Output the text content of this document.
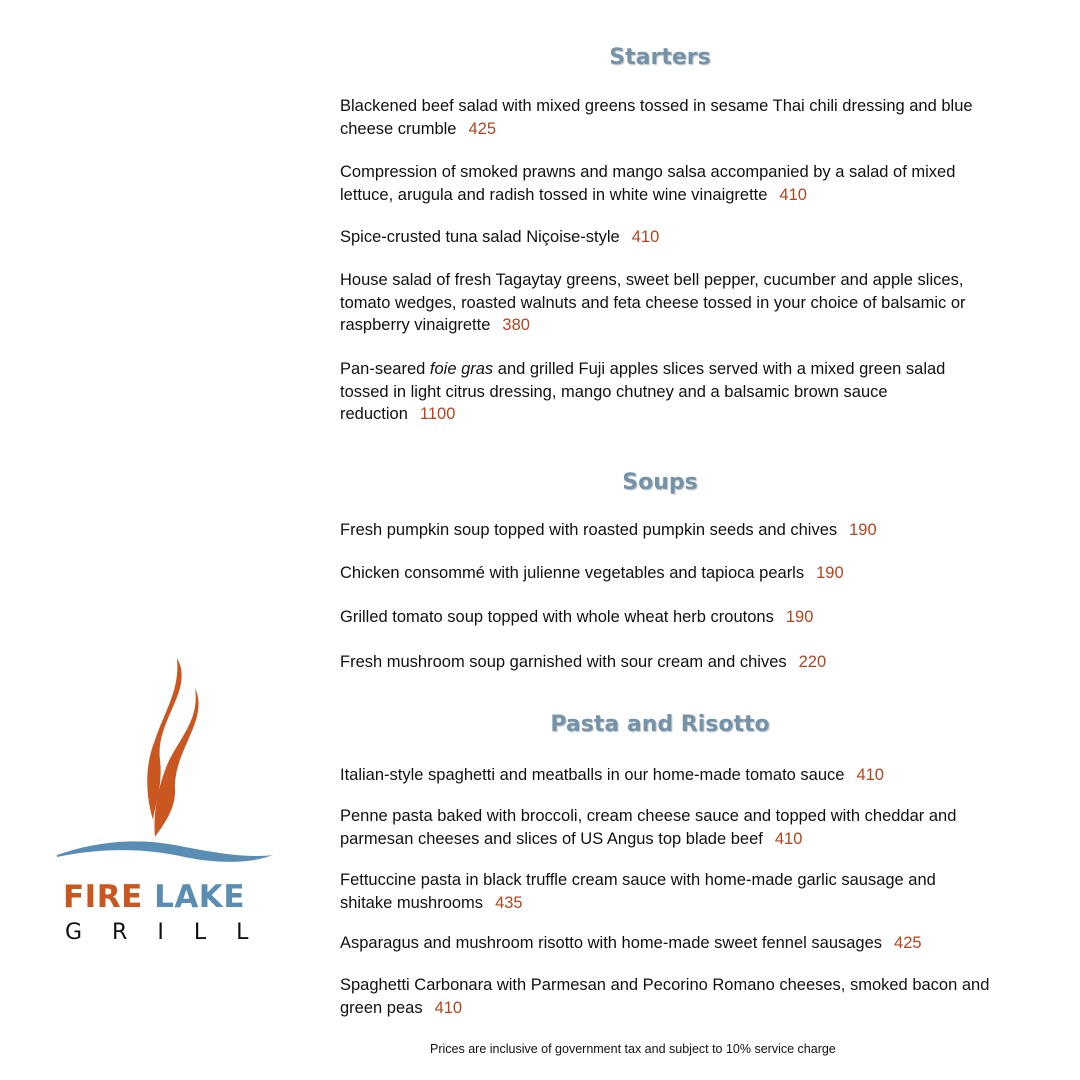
Starters

Blackened beef salad with mixed greens tossed in sesame Thai chili dressing and blue cheese crumble 425

Compression of smoked prawns and mango salsa accompanied by a salad of mixed lettuce, arugula and radish tossed in white wine vinaigrette 410

Spice-crusted tuna salad Niçoise-style 410

House salad of fresh Tagaytay greens, sweet bell pepper, cucumber and apple slices, tomato wedges, roasted walnuts and feta cheese tossed in your choice of balsamic or raspberry vinaigrette 380

Pan-seared foie gras and grilled Fuji apples slices served with a mixed green salad tossed in light citrus dressing, mango chutney and a balsamic brown sauce reduction 1100

Soups

Fresh pumpkin soup topped with roasted pumpkin seeds and chives 190

Chicken consommé with julienne vegetables and tapioca pearls 190

Grilled tomato soup topped with whole wheat herb croutons 190

Fresh mushroom soup garnished with sour cream and chives 220

Pasta and Risotto

Italian-style spaghetti and meatballs in our home-made tomato sauce 410

Penne pasta baked with broccoli, cream cheese sauce and topped with cheddar and parmesan cheeses and slices of US Angus top blade beef 410

Fettuccine pasta in black truffle cream sauce with home-made garlic sausage and shitake mushrooms 435

Asparagus and mushroom risotto with home-made sweet fennel sausages 425

Spaghetti Carbonara with Parmesan and Pecorino Romano cheeses, smoked bacon and green peas 410

Prices are inclusive of government tax and subject to 10% service charge
FIRE LAKE
GRILL
